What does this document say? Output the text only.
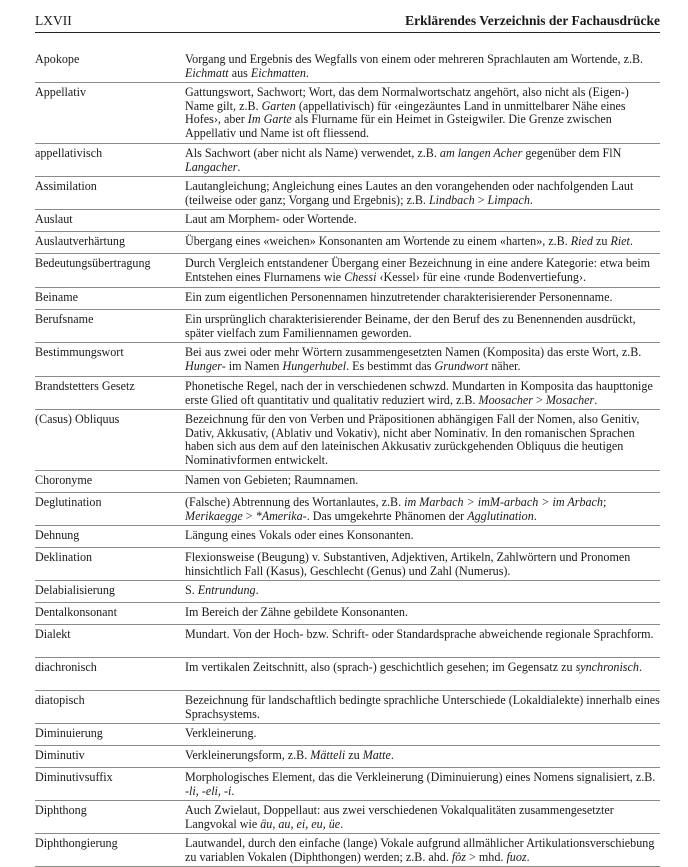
LXVII	Erklärendes Verzeichnis der Fachausdrücke
Apokope	Vorgang und Ergebnis des Wegfalls von einem oder mehreren Sprachlauten am Wortende, z.B. Eichmatt aus Eichmatten.
Appellativ	Gattungswort, Sachwort; Wort, das dem Normalwortschatz angehört, also nicht als (Eigen-) Name gilt, z.B. Garten (appellativisch) für ‹eingezäuntes Land in unmittelbarer Nähe eines Hofes›, aber Im Garte als Flurname für ein Heimet in Gsteigwiler. Die Grenze zwischen Appellativ und Name ist oft fliessend.
appellativisch	Als Sachwort (aber nicht als Name) verwendet, z.B. am langen Acher gegenüber dem FlN Langacher.
Assimilation	Lautangleichung; Angleichung eines Lautes an den vorangehenden oder nachfolgenden Laut (teilweise oder ganz; Vorgang und Ergebnis); z.B. Lindbach > Limpach.
Auslaut	Laut am Morphem- oder Wortende.
Auslautverhärtung	Übergang eines «weichen» Konsonanten am Wortende zu einem «harten», z.B. Ried zu Riet.
Bedeutungsübertragung	Durch Vergleich entstandener Übergang einer Bezeichnung in eine andere Kategorie: etwa beim Entstehen eines Flurnamens wie Chessi ‹Kessel› für eine ‹runde Bodenvertiefung›.
Beiname	Ein zum eigentlichen Personennamen hinzutretender charakterisierender Personenname.
Berufsname	Ein ursprünglich charakterisierender Beiname, der den Beruf des zu Benennenden ausdrückt, später vielfach zum Familiennamen geworden.
Bestimmungswort	Bei aus zwei oder mehr Wörtern zusammengesetzten Namen (Komposita) das erste Wort, z.B. Hunger- im Namen Hungerhubel. Es bestimmt das Grundwort näher.
Brandstetters Gesetz	Phonetische Regel, nach der in verschiedenen schwzd. Mundarten in Komposita das haupttonige erste Glied oft quantitativ und qualitativ reduziert wird, z.B. Moosacher > Mosacher.
(Casus) Obliquus	Bezeichnung für den von Verben und Präpositionen abhängigen Fall der Nomen, also Genitiv, Dativ, Akkusativ, (Ablativ und Vokativ), nicht aber Nominativ. In den romanischen Sprachen haben sich aus dem auf den lateinischen Akkusativ zurückgehenden Obliquus die heutigen Nominativformen entwickelt.
Choronyme	Namen von Gebieten; Raumnamen.
Deglutination	(Falsche) Abtrennung des Wortanlautes, z.B. im Marbach > imM-arbach > im Arbach; Merikaegge > *Amerika-. Das umgekehrte Phänomen der Agglutination.
Dehnung	Längung eines Vokals oder eines Konsonanten.
Deklination	Flexionsweise (Beugung) v. Substantiven, Adjektiven, Artikeln, Zahlwörtern und Pronomen hinsichtlich Fall (Kasus), Geschlecht (Genus) und Zahl (Numerus).
Delabialisierung	S. Entrundung.
Dentalkonsonant	Im Bereich der Zähne gebildete Konsonanten.
Dialekt	Mundart. Von der Hoch- bzw. Schrift- oder Standardsprache abweichende regionale Sprachform.
diachronisch	Im vertikalen Zeitschnitt, also (sprach-) geschichtlich gesehen; im Gegensatz zu synchronisch.
diatopisch	Bezeichnung für landschaftlich bedingte sprachliche Unterschiede (Lokaldialekte) innerhalb eines Sprachsystems.
Diminuierung	Verkleinerung.
Diminutiv	Verkleinerungsform, z.B. Mätteli zu Matte.
Diminutivsuffix	Morphologisches Element, das die Verkleinerung (Diminuierung) eines Nomens signalisiert, z.B. -li, -eli, -i.
Diphthong	Auch Zwielaut, Doppellaut: aus zwei verschiedenen Vokalqualitäten zusammengesetzter Langvokal wie äu, au, ei, eu, üe.
Diphthongierung	Lautwandel, durch den einfache (lange) Vokale aufgrund allmählicher Artikulationsverschiebung zu variablen Vokalen (Diphthongen) werden; z.B. ahd. fôz > mhd. fuoz.
